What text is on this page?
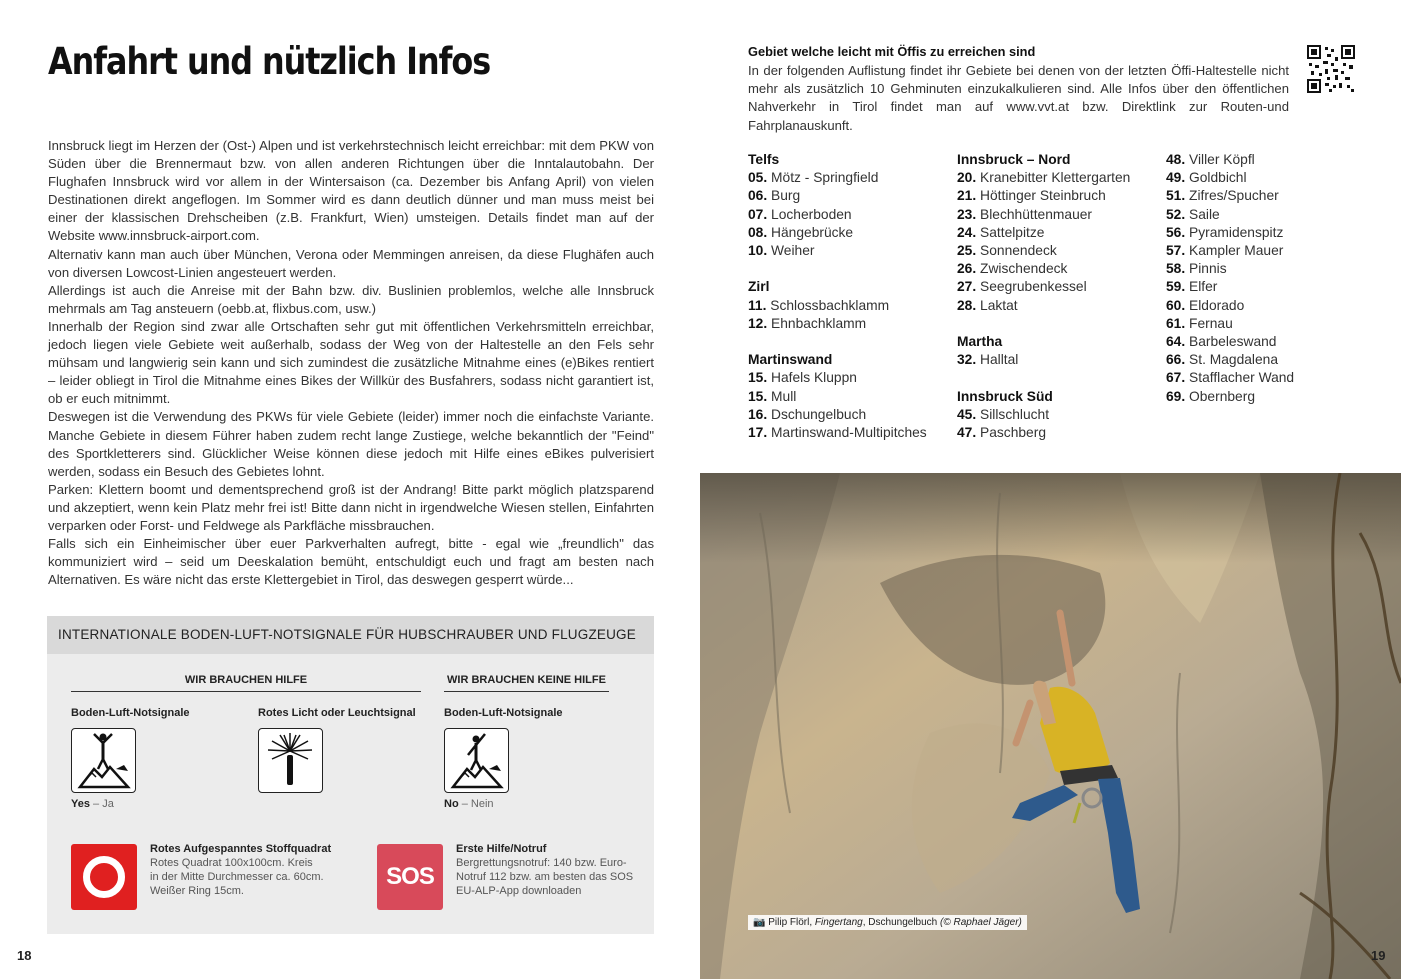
Anfahrt und nützlich Infos

Innsbruck liegt im Herzen der (Ost-) Alpen und ist verkehrstechnisch leicht erreichbar: mit dem PKW von Süden über die Brennermaut bzw. von allen anderen Richtungen über die Inntalautobahn. Der Flughafen Innsbruck wird vor allem in der Wintersaison (ca. Dezember bis Anfang April) von vielen Destinationen direkt angeflogen. Im Sommer wird es dann deutlich dünner und man muss meist bei einer der klassischen Drehscheiben (z.B. Frankfurt, Wien) umsteigen. Details findet man auf der Website www.innsbruck-airport.com.

Alternativ kann man auch über München, Verona oder Memmingen anreisen, da diese Flughäfen auch von diversen Lowcost-Linien angesteuert werden.

Allerdings ist auch die Anreise mit der Bahn bzw. div. Buslinien problemlos, welche alle Innsbruck mehrmals am Tag ansteuern (oebb.at, flixbus.com, usw.)

Innerhalb der Region sind zwar alle Ortschaften sehr gut mit öffentlichen Verkehrsmitteln erreichbar, jedoch liegen viele Gebiete weit außerhalb, sodass der Weg von der Haltestelle an den Fels sehr mühsam und langwierig sein kann und sich zumindest die zusätzliche Mitnahme eines (e)Bikes rentiert – leider obliegt in Tirol die Mitnahme eines Bikes der Willkür des Busfahrers, sodass nicht garantiert ist, ob er euch mitnimmt.

Deswegen ist die Verwendung des PKWs für viele Gebiete (leider) immer noch die einfachste Variante. Manche Gebiete in diesem Führer haben zudem recht lange Zustiege, welche bekanntlich der "Feind" des Sportkletterers sind. Glücklicher Weise können diese jedoch mit Hilfe eines eBikes pulverisiert werden, sodass ein Besuch des Gebietes lohnt.

Parken: Klettern boomt und dementsprechend groß ist der Andrang! Bitte parkt möglich platzsparend und akzeptiert, wenn kein Platz mehr frei ist! Bitte dann nicht in irgendwelche Wiesen stellen, Einfahrten verparken oder Forst- und Feldwege als Parkfläche missbrauchen.

Falls sich ein Einheimischer über euer Parkverhalten aufregt, bitte - egal wie „freundlich" das kommuniziert wird – seid um Deeskalation bemüht, entschuldigt euch und fragt am besten nach Alternativen. Es wäre nicht das erste Klettergebiet in Tirol, das deswegen gesperrt würde...

INTERNATIONALE BODEN-LUFT-NOTSIGNALE FÜR HUBSCHRAUBER UND FLUGZEUGE
WIR BRAUCHEN HILFE	WIR BRAUCHEN KEINE HILFE
Boden-Luft-Notsignale	Rotes Licht oder Leuchtsignal	Boden-Luft-Notsignale
Yes – Ja	No – Nein
Rotes Aufgespanntes Stoffquadrat
Rotes Quadrat 100x100cm. Kreis
in der Mitte Durchmesser ca. 60cm.
Weißer Ring 15cm.
SOS
Erste Hilfe/Notruf
Bergrettungsnotruf: 140 bzw. Euro-
Notruf 112 bzw. am besten das SOS
EU-ALP-App downloaden
18
Gebiet welche leicht mit Öffis zu erreichen sind
In der folgenden Auflistung findet ihr Gebiete bei denen von der letzten Öffi-Haltestelle nicht mehr als zusätzlich 10 Gehminuten einzukalkulieren sind. Alle Infos über den öffentlichen Nahverkehr in Tirol findet man auf www.vvt.at bzw. Direktlink zur Routen-und Fahrplanauskunft.
Telfs
05. Mötz - Springfield
06. Burg
07. Locherboden
08. Hängebrücke
10. Weiher
Zirl
11. Schlossbachklamm
12. Ehnbachklamm
Martinswand
15. Hafels Kluppn
15. Mull
16. Dschungelbuch
17. Martinswand-Multipitches
Innsbruck – Nord
20. Kranebitter Klettergarten
21. Höttinger Steinbruch
23. Blechhüttenmauer
24. Sattelpitze
25. Sonnendeck
26. Zwischendeck
27. Seegrubenkessel
28. Laktat
Martha
32. Halltal
Innsbruck Süd
45. Sillschlucht
47. Paschberg
48. Viller Köpfl
49. Goldbichl
51. Zifres/Spucher
52. Saile
56. Pyramidenspitz
57. Kampler Mauer
58. Pinnis
59. Elfer
60. Eldorado
61. Fernau
64. Barbeleswand
66. St. Magdalena
67. Stafflacher Wand
69. Obernberg
📷 Pilip Flörl, Fingertang, Dschungelbuch (© Raphael Jäger)
19
